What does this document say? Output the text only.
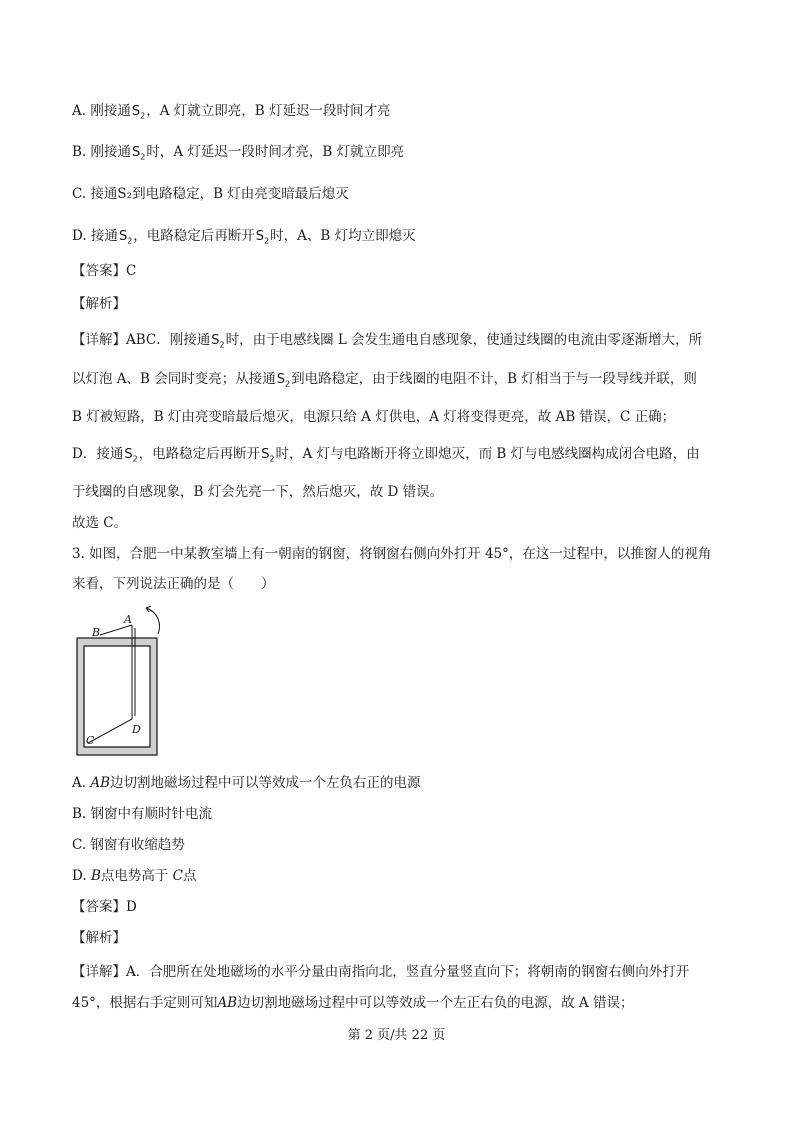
A. 刚接通$S_2$，A 灯就立即亮，B 灯延迟一段时间才亮
B. 刚接通$S_2$时，A 灯延迟一段时间才亮，B 灯就立即亮
C. 接通S₂到电路稳定，B 灯由亮变暗最后熄灭
D. 接通$S_2$，电路稳定后再断开$S_2$时，A、B 灯均立即熄灭
【答案】C
【解析】
【详解】ABC．刚接通$S_2$时，由于电感线圈 L 会发生通电自感现象，使通过线圈的电流由零逐渐增大，所
以灯泡 A、B 会同时变亮；从接通$S_2$到电路稳定，由于线圈的电阻不计，B 灯相当于与一段导线并联，则
B 灯被短路，B 灯由亮变暗最后熄灭，电源只给 A 灯供电，A 灯将变得更亮，故 AB 错误，C 正确；
D．接通$S_2$，电路稳定后再断开$S_2$时，A 灯与电路断开将立即熄灭，而 B 灯与电感线圈构成闭合电路，由
于线圈的自感现象，B 灯会先亮一下，然后熄灭，故 D 错误。
故选 C。
3. 如图，合肥一中某教室墙上有一朝南的钢窗，将钢窗右侧向外打开 45°，在这一过程中，以推窗人的视角
来看，下列说法正确的是（　　）
B
A
D
C
A. AB边切割地磁场过程中可以等效成一个左负右正的电源
B. 钢窗中有顺时针电流
C. 钢窗有收缩趋势
D. B点电势高于 C点
【答案】D
【解析】
【详解】A．合肥所在处地磁场的水平分量由南指向北，竖直分量竖直向下；将朝南的钢窗右侧向外打开
45°，根据右手定则可知AB边切割地磁场过程中可以等效成一个左正右负的电源，故 A 错误；
第 2 页/共 22 页
